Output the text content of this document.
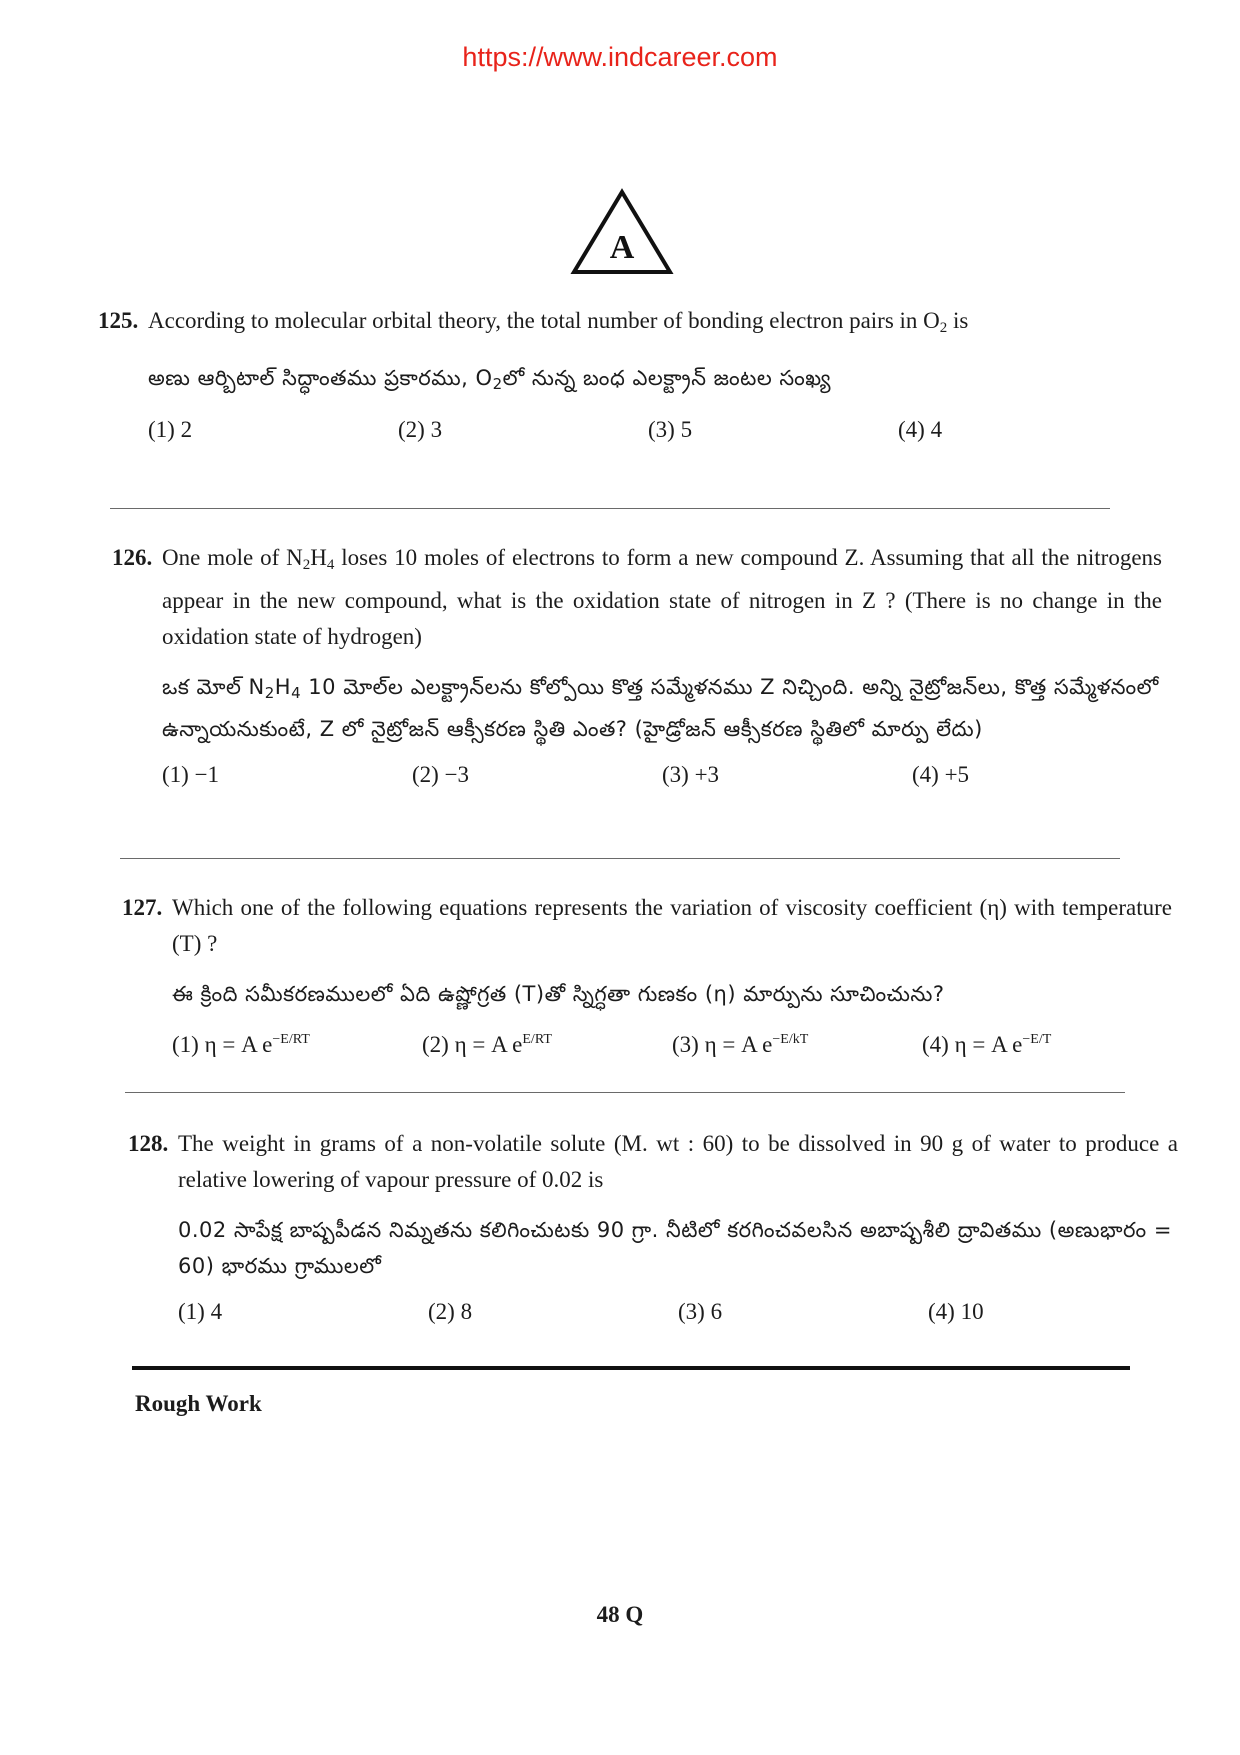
https://www.indcareer.com
A
125. According to molecular orbital theory, the total number of bonding electron pairs in $O_2$ is

అణు ఆర్బిటాల్ సిద్ధాంతము ప్రకారము, $O_2లో$ నున్న బంధ ఎలక్ట్రాన్ జంటల సంఖ్య

(1) 2	(2) 3	(3) 5	(4) 4
126. One mole of $N_2H_4$ loses 10 moles of electrons to form a new compound Z. Assuming that all the nitrogens appear in the new compound, what is the oxidation state of nitrogen in Z ? (There is no change in the oxidation state of hydrogen)

ఒక మోల్ $N_2H_4$ 10 మోల్‌ల ఎలక్ట్రాన్‌లను కోల్పోయి కొత్త సమ్మేళనము Z నిచ్చింది. అన్ని నైట్రోజన్‌లు, కొత్త సమ్మేళనంలో ఉన్నాయనుకుంటే, Z లో నైట్రోజన్ ఆక్సీకరణ స్థితి ఎంత? (హైడ్రోజన్ ఆక్సీకరణ స్థితిలో మార్పు లేదు)

(1) −1	(2) −3	(3) +3	(4) +5
127. Which one of the following equations represents the variation of viscosity coefficient (η) with temperature (T) ?

ఈ క్రింది సమీకరణములలో ఏది ఉష్ణోగ్రత (T)తో స్నిగ్ధతా గుణకం (η) మార్పును సూచించును?

(1) η = A $e^{-E/RT}$	(2) η = A $e^{E/RT}$	(3) η = A $e^{-E/kT}$	(4) η = A $e^{-E/T}$
128. The weight in grams of a non-volatile solute (M. wt : 60) to be dissolved in 90 g of water to produce a relative lowering of vapour pressure of 0.02 is

0.02 సాపేక్ష బాష్పపీడన నిమ్నతను కలిగించుటకు 90 గ్రా. నీటిలో కరగించవలసిన అబాష్పశీలి ద్రావితము (అణుభారం = 60) భారము గ్రాములలో

(1) 4	(2) 8	(3) 6	(4) 10
Rough Work
48 Q
